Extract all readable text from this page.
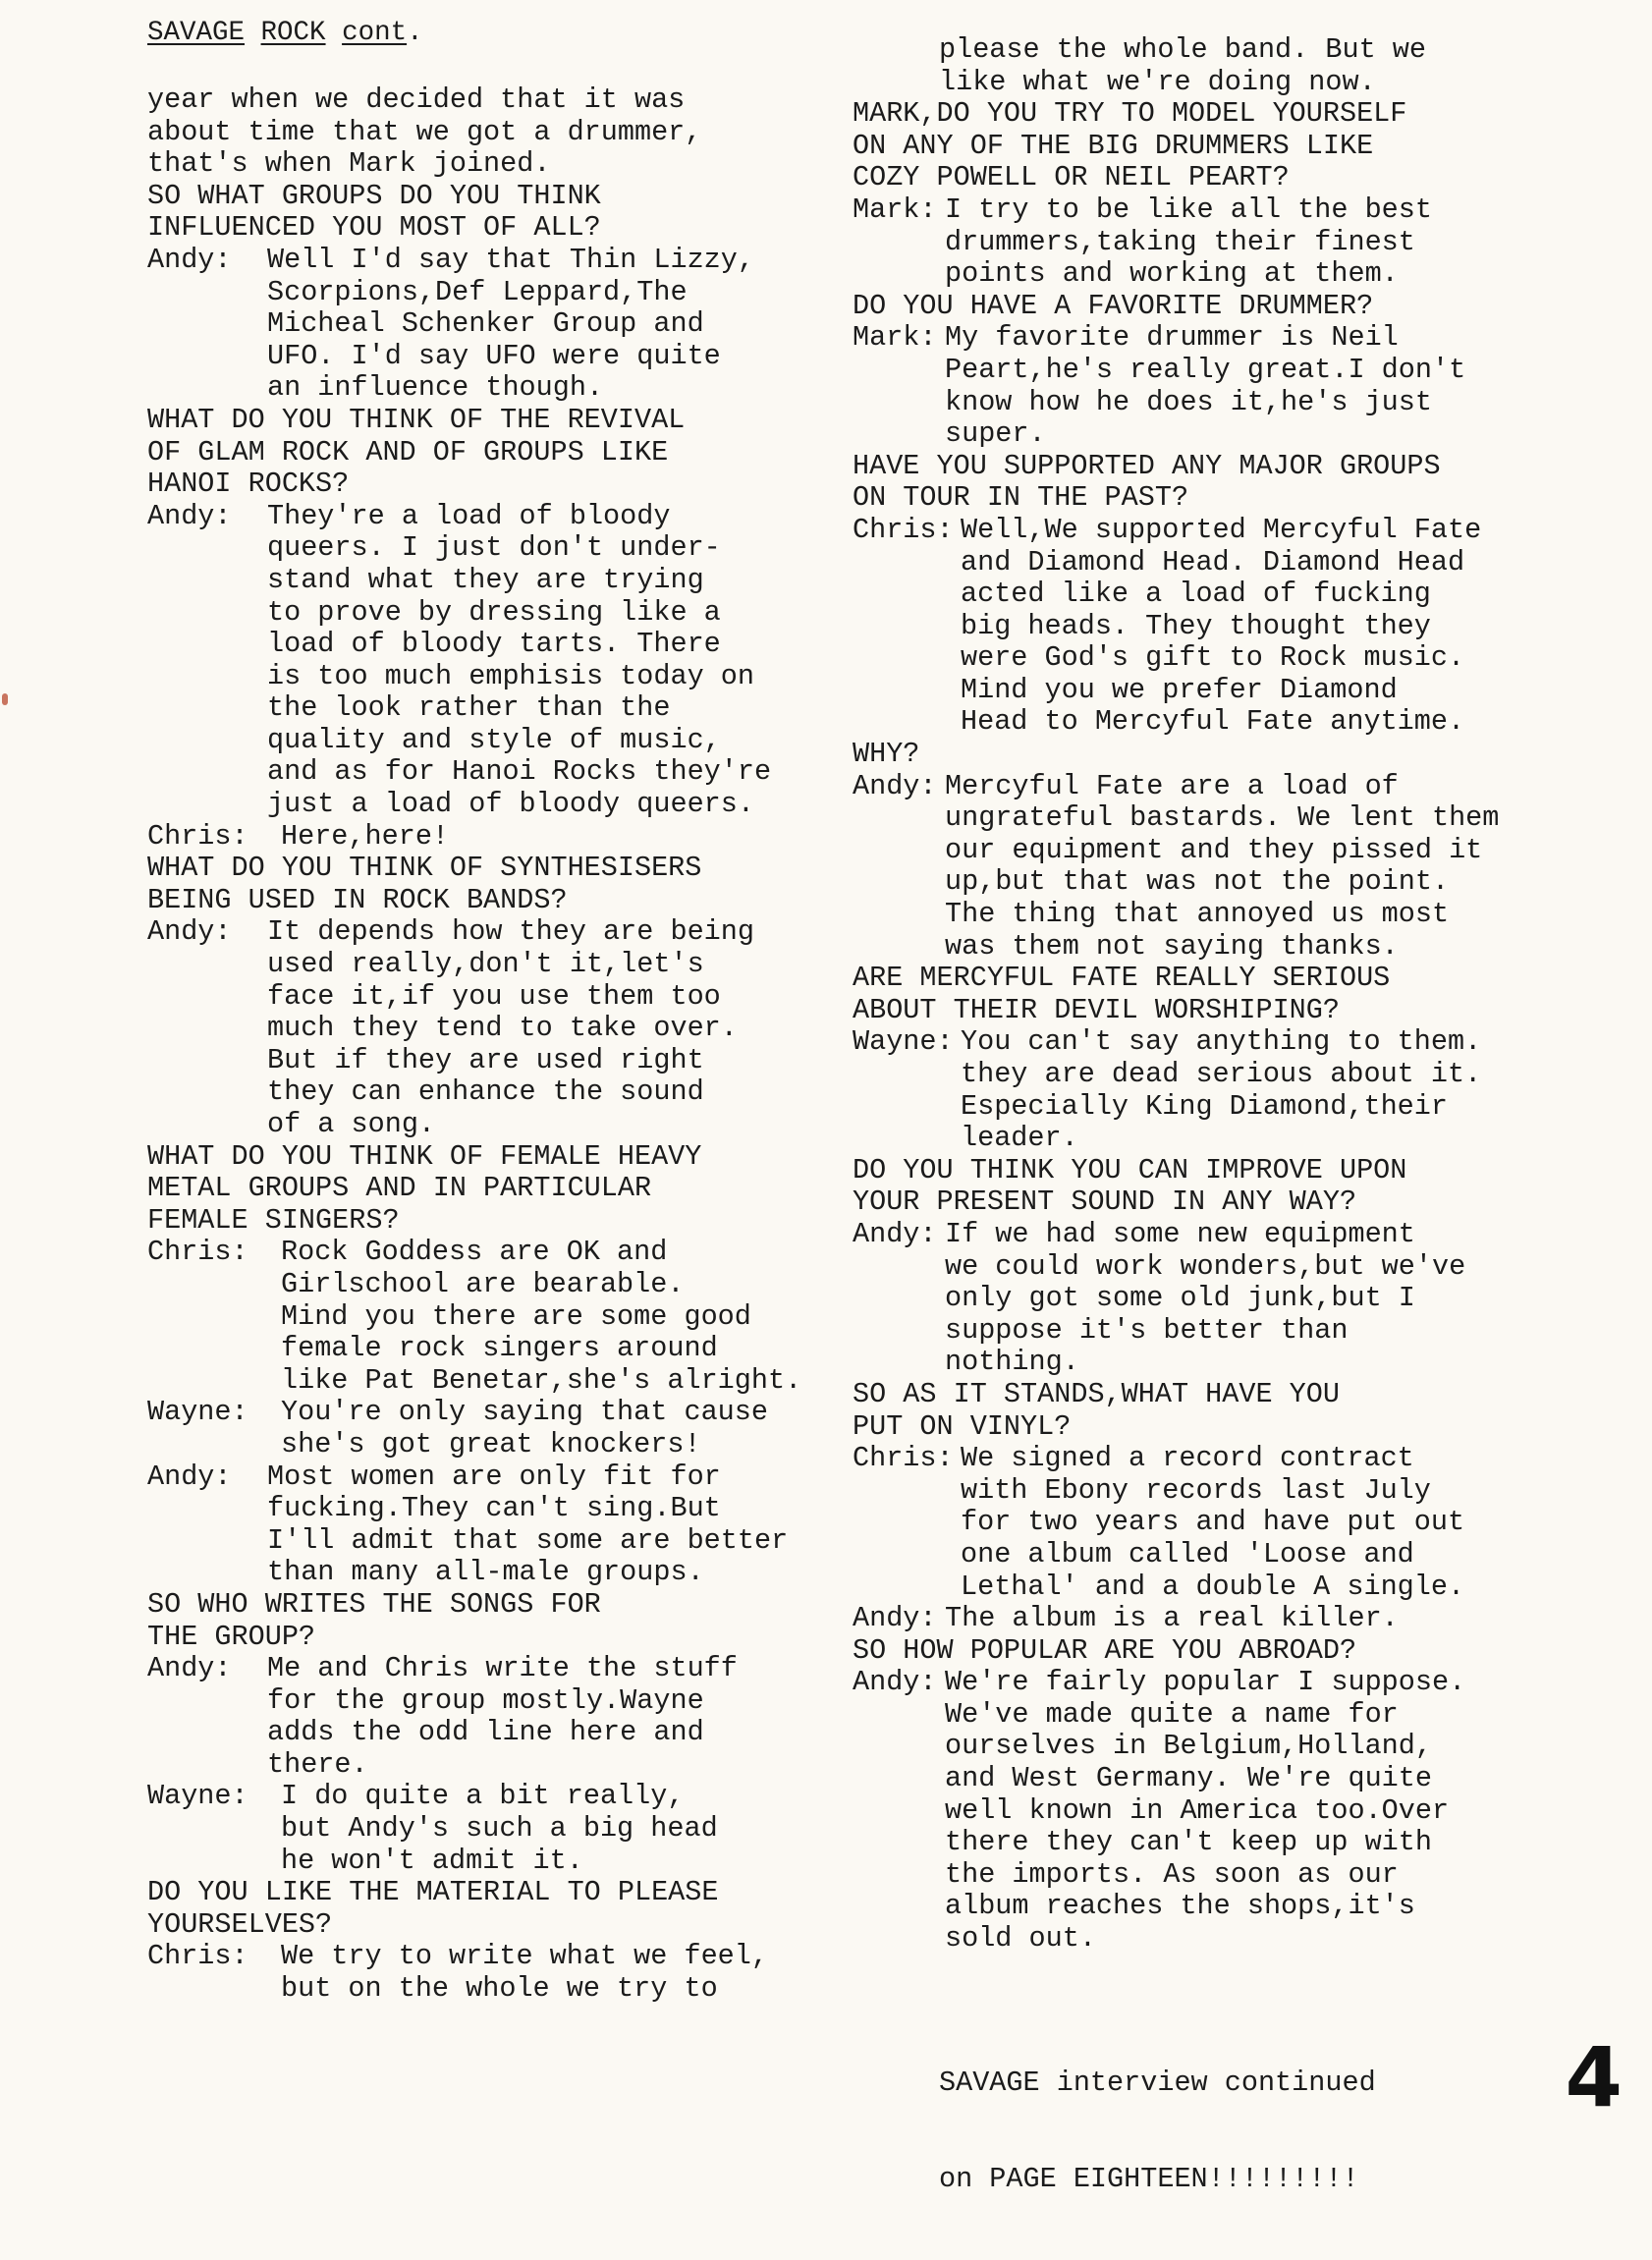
SAVAGE ROCK cont.
year when we decided that it was
about time that we got a drummer,
that's when Mark joined.
SO WHAT GROUPS DO YOU THINK
INFLUENCED YOU MOST OF ALL?
Andy:	Well I'd say that Thin Lizzy,
Scorpions,Def Leppard,The
Micheal Schenker Group and
UFO. I'd say UFO were quite
an influence though.
WHAT DO YOU THINK OF THE REVIVAL
OF GLAM ROCK AND OF GROUPS LIKE
HANOI ROCKS?
Andy:	They're a load of bloody
queers. I just don't under-
stand what they are trying
to prove by dressing like a
load of bloody tarts. There
is too much emphisis today on
the look rather than the
quality and style of music,
and as for Hanoi Rocks they're
just a load of bloody queers.
Chris:	Here,here!
WHAT DO YOU THINK OF SYNTHESISERS
BEING USED IN ROCK BANDS?
Andy:	It depends how they are being
used really,don't it,let's
face it,if you use them too
much they tend to take over.
But if they are used right
they can enhance the sound
of a song.
WHAT DO YOU THINK OF FEMALE HEAVY
METAL GROUPS AND IN PARTICULAR
FEMALE SINGERS?
Chris:	Rock Goddess are OK and
Girlschool are bearable.
Mind you there are some good
female rock singers around
like Pat Benetar,she's alright.
Wayne:	You're only saying that cause
she's got great knockers!
Andy:	Most women are only fit for
fucking.They can't sing.But
I'll admit that some are better
than many all-male groups.
SO WHO WRITES THE SONGS FOR
THE GROUP?
Andy:	Me and Chris write the stuff
for the group mostly.Wayne
adds the odd line here and
there.
Wayne:	I do quite a bit really,
but Andy's such a big head
he won't admit it.
DO YOU LIKE THE MATERIAL TO PLEASE
YOURSELVES?
Chris:	We try to write what we feel,
but on the whole we try to
please the whole band. But we
like what we're doing now.
MARK,DO YOU TRY TO MODEL YOURSELF
ON ANY OF THE BIG DRUMMERS LIKE
COZY POWELL OR NEIL PEART?
Mark: I try to be like all the best
drummers,taking their finest
points and working at them.
DO YOU HAVE A FAVORITE DRUMMER?
Mark: My favorite drummer is Neil
Peart,he's really great.I don't
know how he does it,he's just
super.
HAVE YOU SUPPORTED ANY MAJOR GROUPS
ON TOUR IN THE PAST?
Chris: Well,We supported Mercyful Fate
and Diamond Head. Diamond Head
acted like a load of fucking
big heads. They thought they
were God's gift to Rock music.
Mind you we prefer Diamond
Head to Mercyful Fate anytime.
WHY?
Andy: Mercyful Fate are a load of
ungrateful bastards. We lent them
our equipment and they pissed it
up,but that was not the point.
The thing that annoyed us most
was them not saying thanks.
ARE MERCYFUL FATE REALLY SERIOUS
ABOUT THEIR DEVIL WORSHIPING?
Wayne: You can't say anything to them.
they are dead serious about it.
Especially King Diamond,their
leader.
DO YOU THINK YOU CAN IMPROVE UPON
YOUR PRESENT SOUND IN ANY WAY?
Andy: If we had some new equipment
we could work wonders,but we've
only got some old junk,but I
suppose it's better than
nothing.
SO AS IT STANDS,WHAT HAVE YOU
PUT ON VINYL?
Chris: We signed a record contract
with Ebony records last July
for two years and have put out
one album called 'Loose and
Lethal' and a double A single.
Andy: The album is a real killer.
SO HOW POPULAR ARE YOU ABROAD?
Andy: We're fairly popular I suppose.
We've made quite a name for
ourselves in Belgium,Holland,
and West Germany. We're quite
well known in America too.Over
there they can't keep up with
the imports. As soon as our
album reaches the shops,it's
sold out.

SAVAGE interview continued

on PAGE EIGHTEEN!!!!!!!!!

4
